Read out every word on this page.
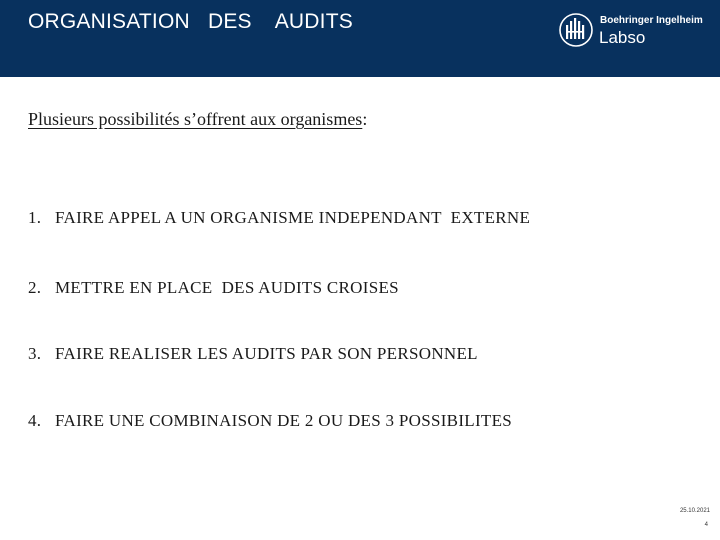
ORGANISATION   DES    AUDITS	Boehringer Ingelheim
Labso
Plusieurs possibilités s’offrent aux organismes:
1. FAIRE APPEL A UN ORGANISME INDEPENDANT  EXTERNE
2. METTRE EN PLACE  DES AUDITS CROISES
3. FAIRE REALISER LES AUDITS PAR SON PERSONNEL
4. FAIRE UNE COMBINAISON DE 2 OU DES 3 POSSIBILITES
25.10.2021
4
